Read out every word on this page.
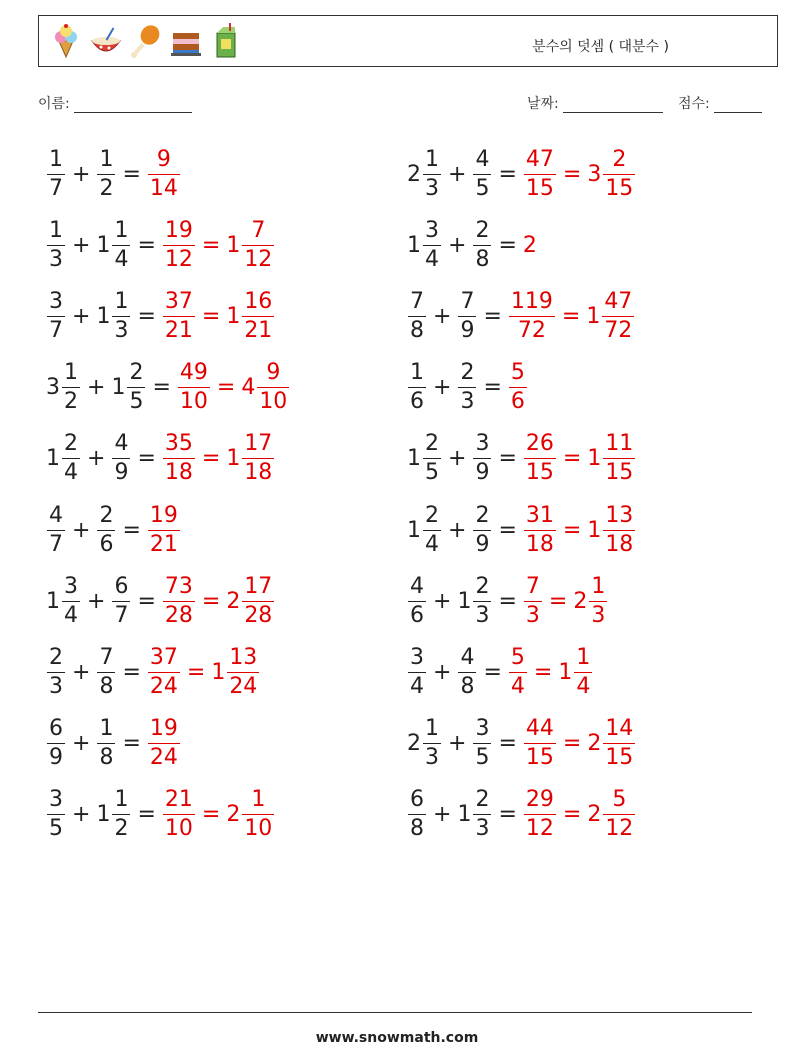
분수의 덧셈 ( 대분수 )
이름:	날짜:	점수:
$\frac{1}{7} + \frac{1}{2} = \frac{9}{14}$	$2 \frac{1}{3} + \frac{4}{5} = \frac{47}{15} = 3 \frac{2}{15}$
$\frac{1}{3} + 1 \frac{1}{4} = \frac{19}{12} = 1 \frac{7}{12}$	$1 \frac{3}{4} + \frac{2}{8} = 2$
$\frac{3}{7} + 1 \frac{1}{3} = \frac{37}{21} = 1 \frac{16}{21}$	$\frac{7}{8} + \frac{7}{9} = \frac{119}{72} = 1 \frac{47}{72}$
$3 \frac{1}{2} + 1 \frac{2}{5} = \frac{49}{10} = 4 \frac{9}{10}$	$\frac{1}{6} + \frac{2}{3} = \frac{5}{6}$
$1 \frac{2}{4} + \frac{4}{9} = \frac{35}{18} = 1 \frac{17}{18}$	$1 \frac{2}{5} + \frac{3}{9} = \frac{26}{15} = 1 \frac{11}{15}$
$\frac{4}{7} + \frac{2}{6} = \frac{19}{21}$	$1 \frac{2}{4} + \frac{2}{9} = \frac{31}{18} = 1 \frac{13}{18}$
$1 \frac{3}{4} + \frac{6}{7} = \frac{73}{28} = 2 \frac{17}{28}$	$\frac{4}{6} + 1 \frac{2}{3} = \frac{7}{3} = 2 \frac{1}{3}$
$\frac{2}{3} + \frac{7}{8} = \frac{37}{24} = 1 \frac{13}{24}$	$\frac{3}{4} + \frac{4}{8} = \frac{5}{4} = 1 \frac{1}{4}$
$\frac{6}{9} + \frac{1}{8} = \frac{19}{24}$	$2 \frac{1}{3} + \frac{3}{5} = \frac{44}{15} = 2 \frac{14}{15}$
$\frac{3}{5} + 1 \frac{1}{2} = \frac{21}{10} = 2 \frac{1}{10}$	$\frac{6}{8} + 1 \frac{2}{3} = \frac{29}{12} = 2 \frac{5}{12}$
www.snowmath.com
